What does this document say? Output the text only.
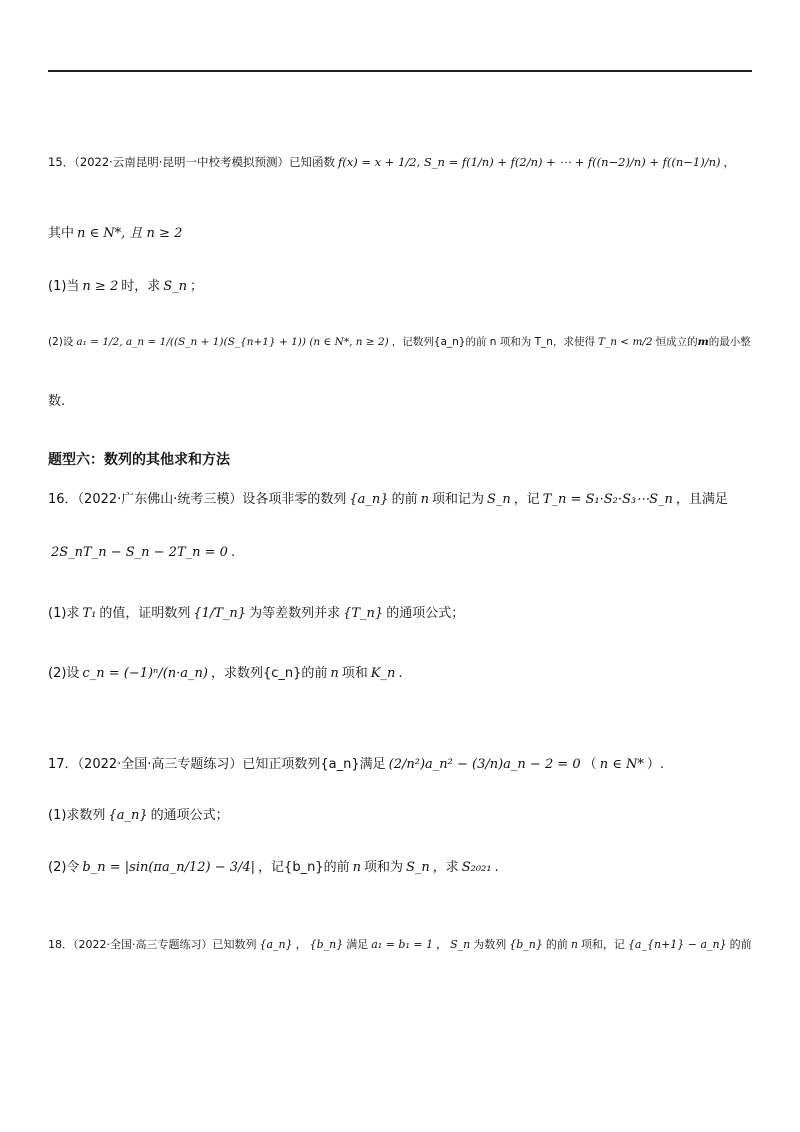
15．（2022·云南昆明·昆明一中校考模拟预测）已知函数 f(x) = x + 1/2, S_n = f(1/n) + f(2/n) + ⋯ + f((n−2)/n) + f((n−1)/n) ，
其中 n ∈ N*, 且 n ≥ 2
(1)当 n ≥ 2 时，求 S_n ；
(2)设 a₁ = 1/2, a_n = 1/((S_n + 1)(S_{n+1} + 1)) (n ∈ N*, n ≥ 2) ，记数列{a_n}的前 n 项和为 T_n，求使得 T_n < m/2 恒成立的m的最小整
数.
题型六：数列的其他求和方法
16．（2022·广东佛山·统考三模）设各项非零的数列 {a_n} 的前 n 项和记为 S_n ，记 T_n = S₁·S₂·S₃⋯S_n ，且满足
2S_nT_n − S_n − 2T_n = 0 .
(1)求 T₁ 的值，证明数列 {1/T_n} 为等差数列并求 {T_n} 的通项公式；
(2)设 c_n = (−1)ⁿ/(n·a_n) ，求数列{c_n}的前 n 项和 K_n .
17．（2022·全国·高三专题练习）已知正项数列{a_n}满足 (2/n²)a_n² − (3/n)a_n − 2 = 0 （ n ∈ N* ）.
(1)求数列 {a_n} 的通项公式；
(2)令 b_n = |sin(πa_n/12) − 3/4| ，记{b_n}的前 n 项和为 S_n ，求 S₂₀₂₁ .
18．（2022·全国·高三专题练习）已知数列 {a_n} ， {b_n} 满足 a₁ = b₁ = 1 ， S_n 为数列 {b_n} 的前 n 项和，记 {a_{n+1} − a_n} 的前
